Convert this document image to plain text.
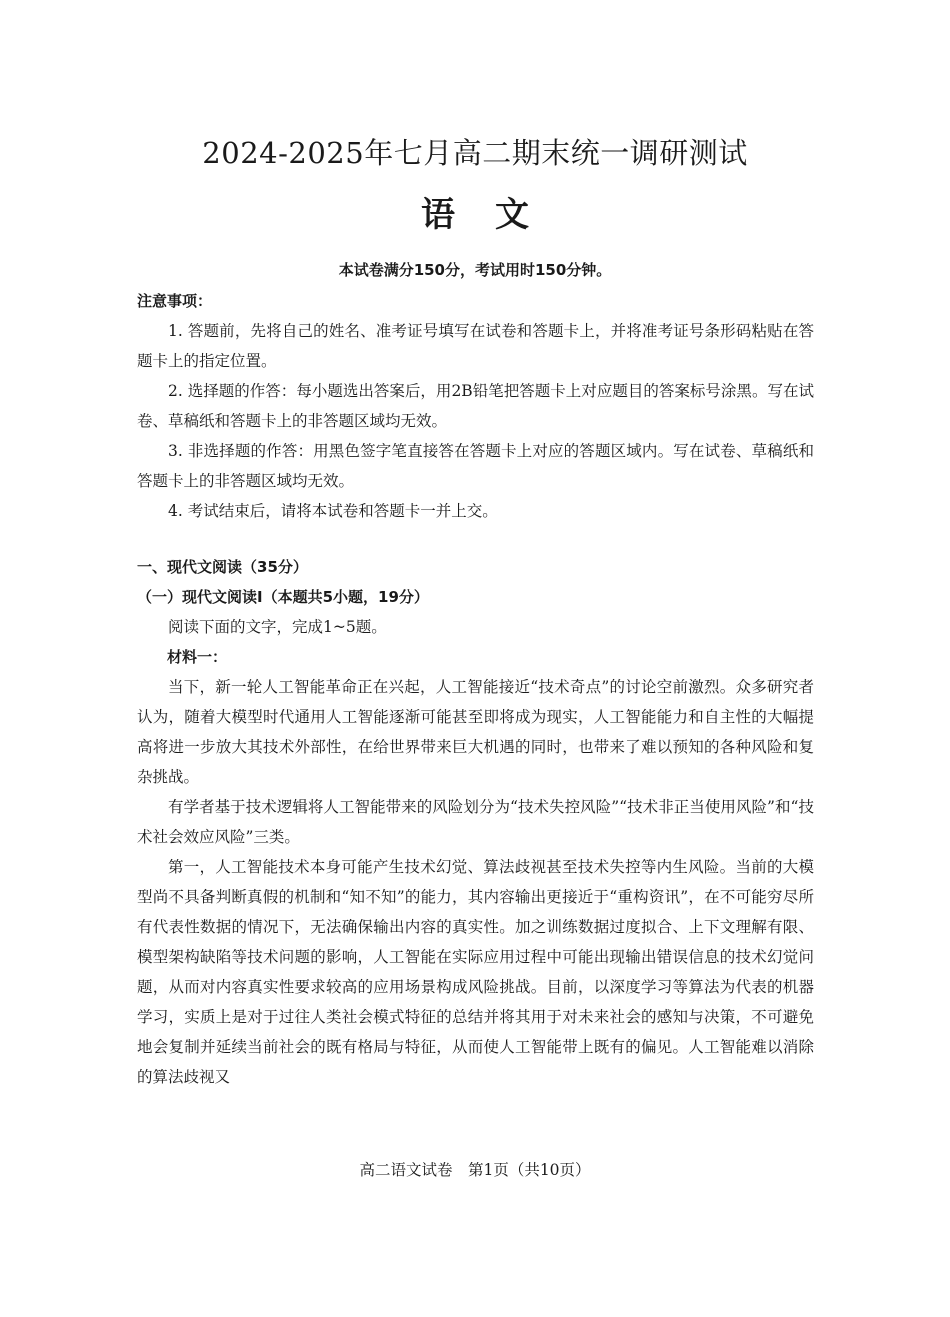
2024-2025年七月高二期末统一调研测试
语文
本试卷满分150分，考试用时150分钟。

注意事项：

1. 答题前，先将自己的姓名、准考证号填写在试卷和答题卡上，并将准考证号条形码粘贴在答题卡上的指定位置。

2. 选择题的作答：每小题选出答案后，用2B铅笔把答题卡上对应题目的答案标号涂黑。写在试卷、草稿纸和答题卡上的非答题区域均无效。

3. 非选择题的作答：用黑色签字笔直接答在答题卡上对应的答题区域内。写在试卷、草稿纸和答题卡上的非答题区域均无效。

4. 考试结束后，请将本试卷和答题卡一并上交。

一、现代文阅读（35分）

（一）现代文阅读Ⅰ（本题共5小题，19分）

阅读下面的文字，完成1~5题。

材料一：

当下，新一轮人工智能革命正在兴起，人工智能接近“技术奇点”的讨论空前激烈。众多研究者认为，随着大模型时代通用人工智能逐渐可能甚至即将成为现实，人工智能能力和自主性的大幅提高将进一步放大其技术外部性，在给世界带来巨大机遇的同时，也带来了难以预知的各种风险和复杂挑战。

有学者基于技术逻辑将人工智能带来的风险划分为“技术失控风险”“技术非正当使用风险”和“技术社会效应风险”三类。

第一，人工智能技术本身可能产生技术幻觉、算法歧视甚至技术失控等内生风险。当前的大模型尚不具备判断真假的机制和“知不知”的能力，其内容输出更接近于“重构资讯”，在不可能穷尽所有代表性数据的情况下，无法确保输出内容的真实性。加之训练数据过度拟合、上下文理解有限、模型架构缺陷等技术问题的影响，人工智能在实际应用过程中可能出现输出错误信息的技术幻觉问题，从而对内容真实性要求较高的应用场景构成风险挑战。目前，以深度学习等算法为代表的机器学习，实质上是对于过往人类社会模式特征的总结并将其用于对未来社会的感知与决策，不可避免地会复制并延续当前社会的既有格局与特征，从而使人工智能带上既有的偏见。人工智能难以消除的算法歧视又

高二语文试卷　第1页（共10页）
